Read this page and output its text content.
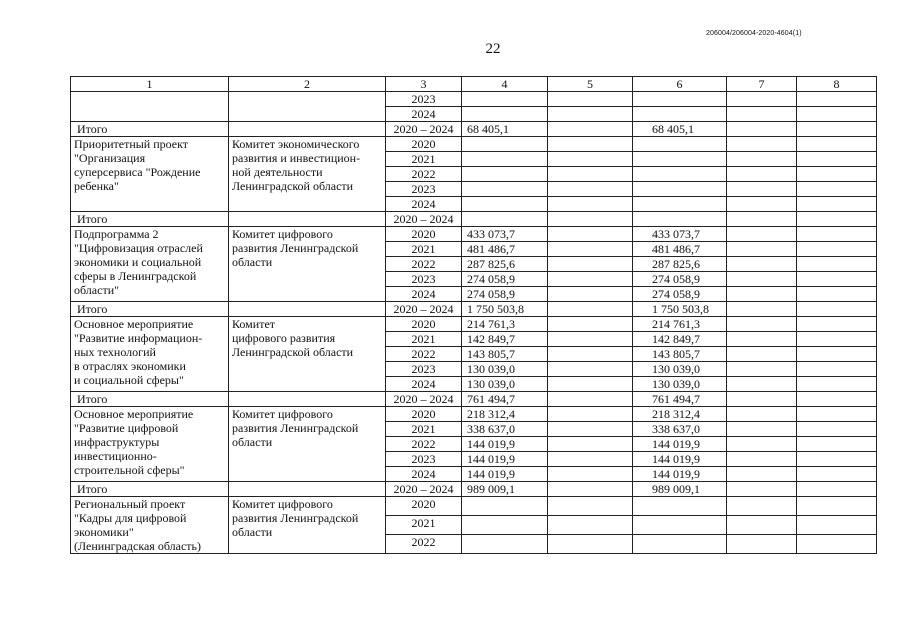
206004/206004-2020-4604(1)
22
1	2	3	4	5	6	7	8
		2023					
		2024					
Итого		2020 – 2024	68 405,1		68 405,1		
Приоритетный проект
"Организация
суперсервиса "Рождение
ребенка"	Комитет экономического
развития и инвестицион-
ной деятельности
Ленинградской области	2020					
		2021					
		2022					
		2023					
		2024					
Итого		2020 – 2024					
Подпрограмма 2
"Цифровизация отраслей
экономики и социальной
сферы в Ленинградской
области"	Комитет цифрового
развития Ленинградской
области	2020	433 073,7		433 073,7		
		2021	481 486,7		481 486,7		
		2022	287 825,6		287 825,6		
		2023	274 058,9		274 058,9		
		2024	274 058,9		274 058,9		
Итого		2020 – 2024	1 750 503,8		1 750 503,8		
Основное мероприятие
"Развитие информацион-
ных технологий
в отраслях экономики
и социальной сферы"	Комитет
цифрового развития
Ленинградской области	2020	214 761,3		214 761,3		
		2021	142 849,7		142 849,7		
		2022	143 805,7		143 805,7		
		2023	130 039,0		130 039,0		
		2024	130 039,0		130 039,0		
Итого		2020 – 2024	761 494,7		761 494,7		
Основное мероприятие
"Развитие цифровой
инфраструктуры
инвестиционно-
строительной сферы"	Комитет цифрового
развития Ленинградской
области	2020	218 312,4		218 312,4		
		2021	338 637,0		338 637,0		
		2022	144 019,9		144 019,9		
		2023	144 019,9		144 019,9		
		2024	144 019,9		144 019,9		
Итого		2020 – 2024	989 009,1		989 009,1		
Региональный проект
"Кадры для цифровой
экономики"
(Ленинградская область)	Комитет цифрового
развития Ленинградской
области	2020					
		2021					
		2022					
